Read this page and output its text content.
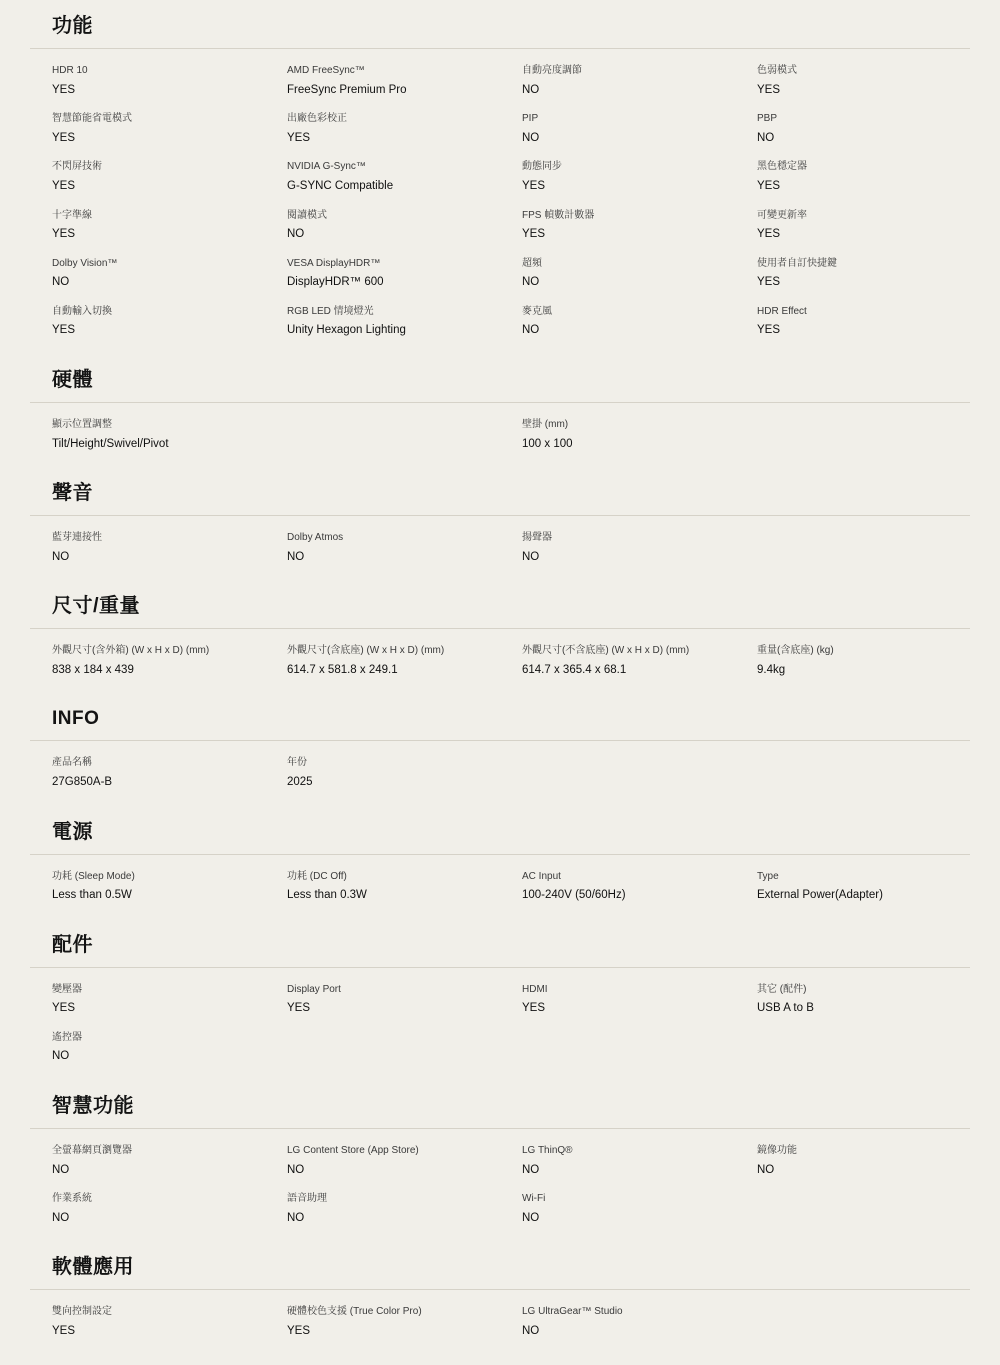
功能
HDR 10
YES
AMD FreeSync™
FreeSync Premium Pro
自動亮度調節
NO
色弱模式
YES
智慧節能省電模式
YES
出廠色彩校正
YES
PIP
NO
PBP
NO
不閃屏技術
YES
NVIDIA G-Sync™
G-SYNC Compatible
動態同步
YES
黑色穩定器
YES
十字準線
YES
閱讀模式
NO
FPS 幀數計數器
YES
可變更新率
YES
Dolby Vision™
NO
VESA DisplayHDR™
DisplayHDR™ 600
超頻
NO
使用者自訂快捷鍵
YES
自動輸入切換
YES
RGB LED 情境燈光
Unity Hexagon Lighting
麥克風
NO
HDR Effect
YES
硬體
顯示位置調整
Tilt/Height/Swivel/Pivot
壁掛 (mm)
100 x 100
聲音
藍芽連接性
NO
Dolby Atmos
NO
揚聲器
NO
尺寸/重量
外觀尺寸(含外箱) (W x H x D) (mm)
838 x 184 x 439
外觀尺寸(含底座) (W x H x D) (mm)
614.7 x 581.8 x 249.1
外觀尺寸(不含底座) (W x H x D) (mm)
614.7 x 365.4 x 68.1
重量(含底座) (kg)
9.4kg
INFO
產品名稱
27G850A-B
年份
2025
電源
功耗 (Sleep Mode)
Less than 0.5W
功耗 (DC Off)
Less than 0.3W
AC Input
100-240V (50/60Hz)
Type
External Power(Adapter)
配件
變壓器
YES
Display Port
YES
HDMI
YES
其它 (配件)
USB A to B
遙控器
NO
智慧功能
全螢幕網頁瀏覽器
NO
LG Content Store (App Store)
NO
LG ThinQ®
NO
鏡像功能
NO
作業系統
NO
語音助理
NO
Wi-Fi
NO
軟體應用
雙向控制設定
YES
硬體校色支援 (True Color Pro)
YES
LG UltraGear™ Studio
NO
